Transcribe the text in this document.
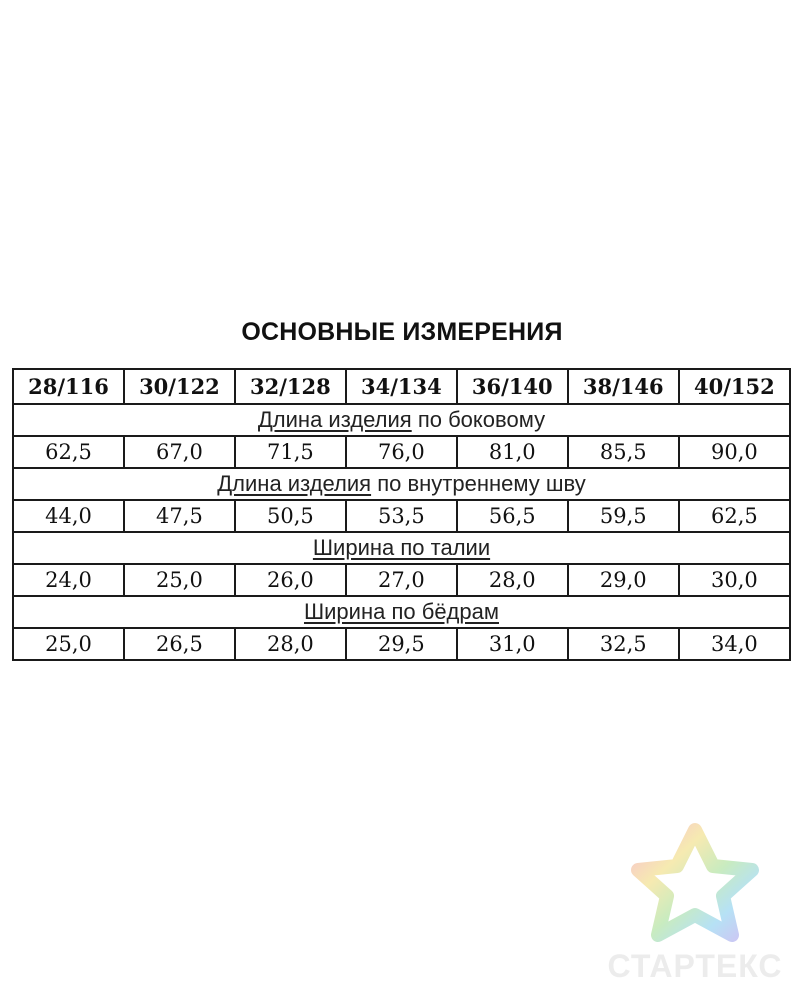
ОСНОВНЫЕ ИЗМЕРЕНИЯ
28/116	30/122	32/128	34/134	36/140	38/146	40/152
Длина изделия по боковому						
62,5	67,0	71,5	76,0	81,0	85,5	90,0
Длина изделия по внутреннему шву						
44,0	47,5	50,5	53,5	56,5	59,5	62,5
Ширина по талии						
24,0	25,0	26,0	27,0	28,0	29,0	30,0
Ширина по бёдрам						
25,0	26,5	28,0	29,5	31,0	32,5	34,0
СТАРТЕКС
